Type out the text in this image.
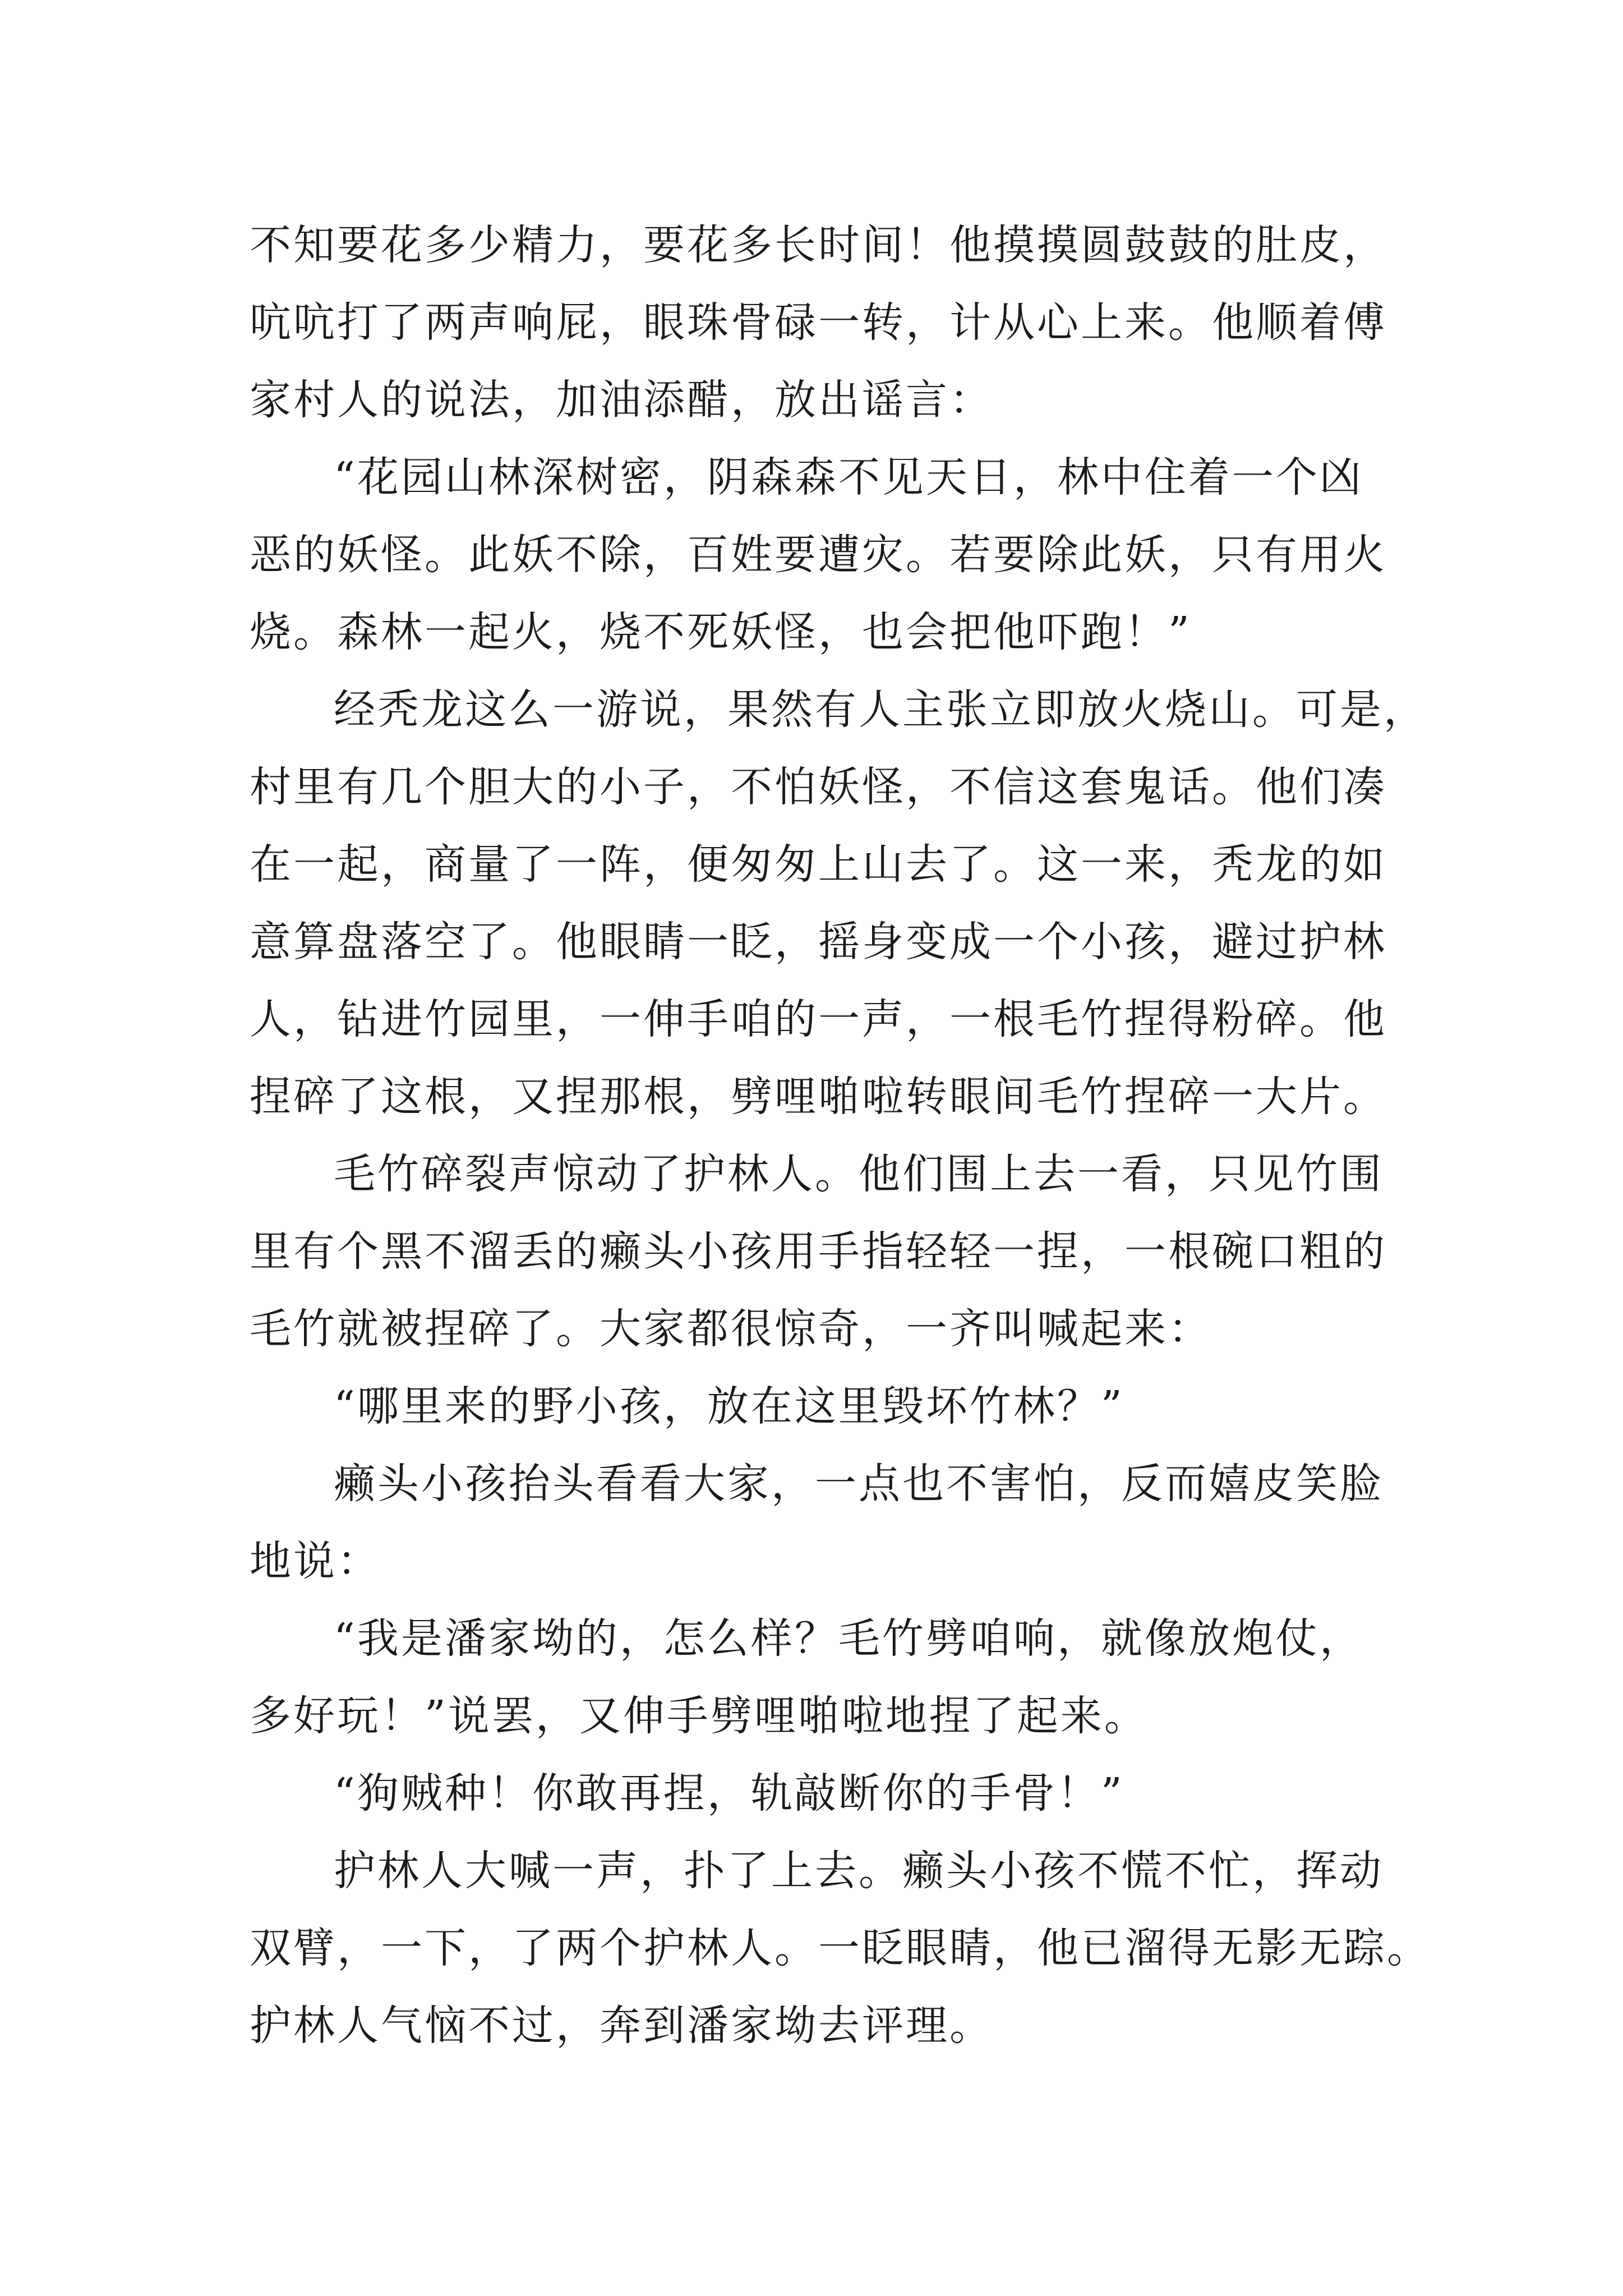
不知要花多少精力，要花多长时间！他摸摸圆鼓鼓的肚皮，
吭吭打了两声响屁，眼珠骨碌一转，计从心上来。他顺着傅
家村人的说法，加油添醋，放出谣言：
“花园山林深树密，阴森森不见天日，林中住着一个凶
恶的妖怪。此妖不除，百姓要遭灾。若要除此妖，只有用火
烧。森林一起火，烧不死妖怪，也会把他吓跑！”
经秃龙这么一游说，果然有人主张立即放火烧山。可是，
村里有几个胆大的小子，不怕妖怪，不信这套鬼话。他们凑
在一起，商量了一阵，便匆匆上山去了。这一来，秃龙的如
意算盘落空了。他眼睛一眨，摇身变成一个小孩，避过护林
人，钻进竹园里，一伸手咱的一声，一根毛竹捏得粉碎。他
捏碎了这根，又捏那根，劈哩啪啦转眼间毛竹捏碎一大片。
毛竹碎裂声惊动了护林人。他们围上去一看，只见竹围
里有个黑不溜丢的癞头小孩用手指轻轻一捏，一根碗口粗的
毛竹就被捏碎了。大家都很惊奇，一齐叫喊起来：
“哪里来的野小孩，放在这里毁坏竹林？”
癞头小孩抬头看看大家，一点也不害怕，反而嬉皮笑脸
地说：
“我是潘家坳的，怎么样？毛竹劈咱响，就像放炮仗，
多好玩！”说罢，又伸手劈哩啪啦地捏了起来。
“狗贼种！你敢再捏，轨敲断你的手骨！”
护林人大喊一声，扑了上去。癞头小孩不慌不忙，挥动
双臂，一下，了两个护林人。一眨眼睛，他已溜得无影无踪。
护林人气恼不过，奔到潘家坳去评理。
